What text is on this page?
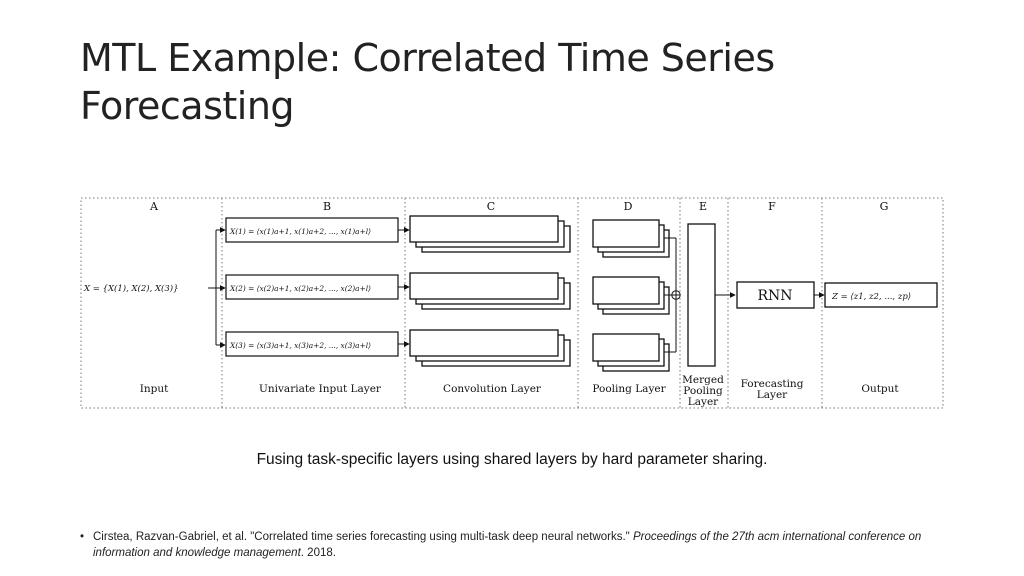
MTL Example: Correlated Time Series Forecasting
A	B	C	D	E	F	G
X = {X(1), X(2), X(3)}
X(1) = ⟨x(1)a+1, x(1)a+2, ..., x(1)a+l⟩
X(2) = ⟨x(2)a+1, x(2)a+2, ..., x(2)a+l⟩
X(3) = ⟨x(3)a+1, x(3)a+2, ..., x(3)a+l⟩
RNN	Z = ⟨z1, z2, ..., zp⟩
Input	Univariate Input Layer	Convolution Layer	Pooling Layer
Merged
Pooling
Layer
Forecasting
Layer	Output
Fusing task-specific layers using shared layers by hard parameter sharing.
• Cirstea, Razvan-Gabriel, et al. "Correlated time series forecasting using multi-task deep neural networks." Proceedings of the 27th acm international conference on information and knowledge management. 2018.
